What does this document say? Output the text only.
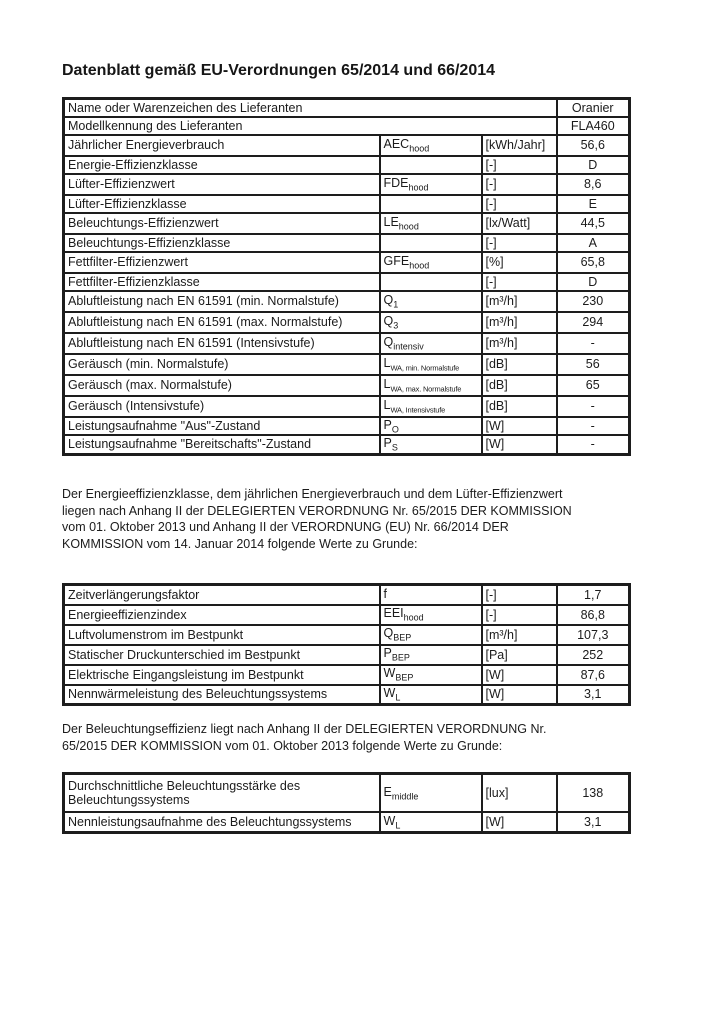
Datenblatt gemäß EU-Verordnungen 65/2014 und 66/2014
Name oder Warenzeichen des Lieferanten			Oranier
Modellkennung des Lieferanten			FLA460
Jährlicher Energieverbrauch	$AEC_{hood}$	[kWh/Jahr]	56,6
Energie-Effizienzklasse		[-]	D
Lüfter-Effizienzwert	$FDE_{hood}$	[-]	8,6
Lüfter-Effizienzklasse		[-]	E
Beleuchtungs-Effizienzwert	$LE_{hood}$	[lx/Watt]	44,5
Beleuchtungs-Effizienzklasse		[-]	A
Fettfilter-Effizienzwert	$GFE_{hood}$	[%]	65,8
Fettfilter-Effizienzklasse		[-]	D
Abluftleistung nach EN 61591 (min. Normalstufe)	$Q_1$	[m³/h]	230
Abluftleistung nach EN 61591 (max. Normalstufe)	$Q_3$	[m³/h]	294
Abluftleistung nach EN 61591 (Intensivstufe)	$Q_{intensiv}$	[m³/h]	-
Geräusch (min. Normalstufe)	$L_{WA, min. Normalstufe}$	[dB]	56
Geräusch (max. Normalstufe)	$L_{WA, max. Normalstufe}$	[dB]	65
Geräusch (Intensivstufe)	$L_{WA, Intensivstufe}$	[dB]	-
Leistungsaufnahme "Aus"-Zustand	$P_O$	[W]	-
Leistungsaufnahme "Bereitschafts"-Zustand	$P_S$	[W]	-
Der Energieeffizienzklasse, dem jährlichen Energieverbrauch und dem Lüfter-Effizienzwert
liegen nach Anhang II der DELEGIERTEN VERORDNUNG Nr. 65/2015 DER KOMMISSION
vom 01. Oktober 2013 und Anhang II der VERORDNUNG (EU) Nr. 66/2014 DER
KOMMISSION vom 14. Januar 2014 folgende Werte zu Grunde:
Zeitverlängerungsfaktor	f	[-]	1,7
Energieeffizienzindex	$EEI_{hood}$	[-]	86,8
Luftvolumenstrom im Bestpunkt	$Q_{BEP}$	[m³/h]	107,3
Statischer Druckunterschied im Bestpunkt	$P_{BEP}$	[Pa]	252
Elektrische Eingangsleistung im Bestpunkt	$W_{BEP}$	[W]	87,6
Nennwärmeleistung des Beleuchtungssystems	$W_L$	[W]	3,1
Der Beleuchtungseffizienz liegt nach Anhang II der DELEGIERTEN VERORDNUNG Nr.
65/2015 DER KOMMISSION vom 01. Oktober 2013 folgende Werte zu Grunde:
Durchschnittliche Beleuchtungsstärke des Beleuchtungssystems	$E_{middle}$	[lux]	138
Nennleistungsaufnahme des Beleuchtungssystems	$W_L$	[W]	3,1
